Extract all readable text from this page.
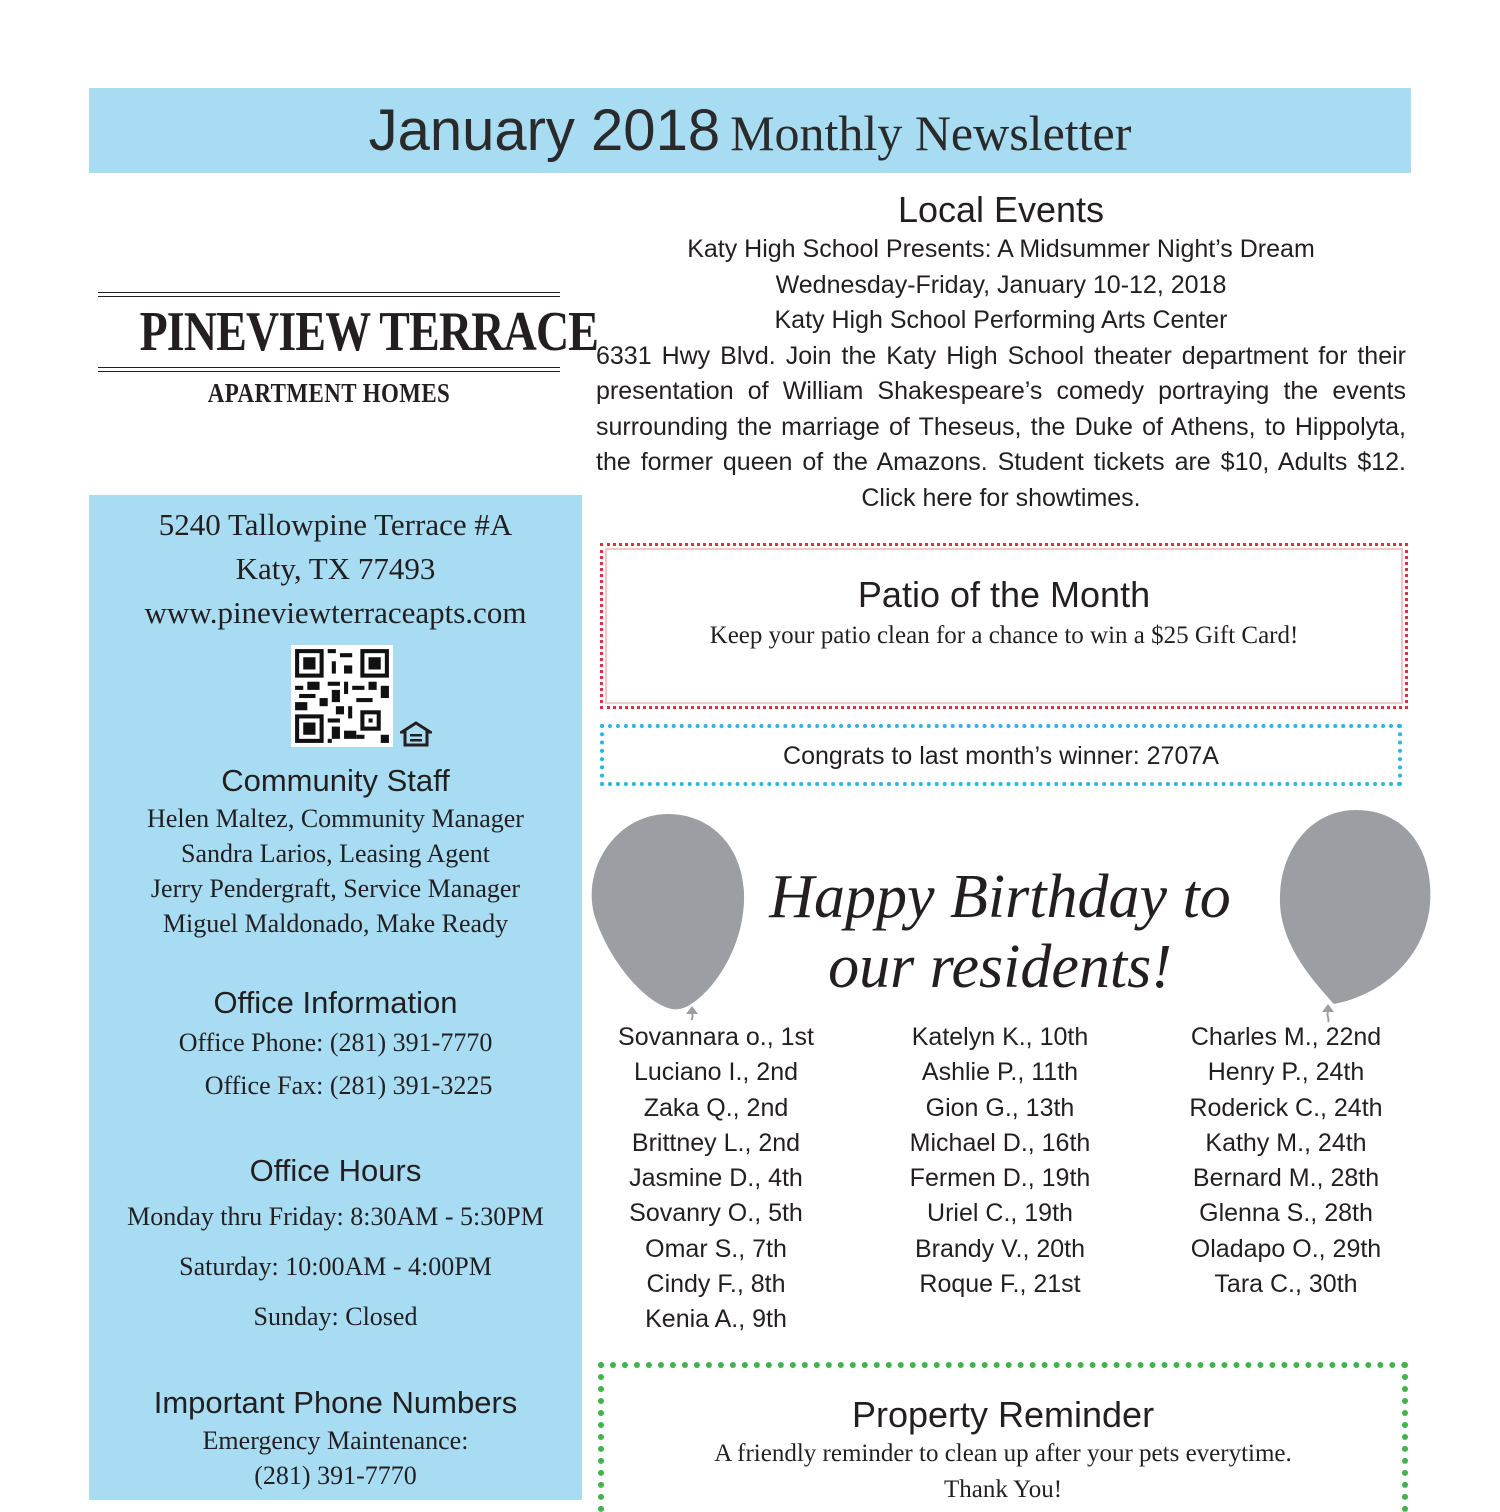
January 2018 Monthly Newsletter
PINEVIEW TERRACE
APARTMENT HOMES
5240 Tallowpine Terrace #A
Katy, TX 77493
www.pineviewterraceapts.com
Community Staff
Helen Maltez, Community Manager
Sandra Larios, Leasing Agent
Jerry Pendergraft, Service Manager
Miguel Maldonado, Make Ready
Office Information
Office Phone: (281) 391-7770
Office Fax: (281) 391-3225
Office Hours
Monday thru Friday: 8:30AM - 5:30PM
Saturday: 10:00AM - 4:00PM
Sunday: Closed
Important Phone Numbers
Emergency Maintenance:
(281) 391-7770
Local Events
Katy High School Presents: A Midsummer Night’s Dream
Wednesday-Friday, January 10-12, 2018
Katy High School Performing Arts Center
6331 Hwy Blvd. Join the Katy High School theater department for their presentation of William Shakespeare’s comedy portraying the events surrounding the marriage of Theseus, the Duke of Athens, to Hippolyta, the former queen of the Amazons. Student tickets are $10, Adults $12. Click here for showtimes.
Patio of the Month
Keep your patio clean for a chance to win a $25 Gift Card!
Congrats to last month’s winner: 2707A
Happy Birthday to
our residents!
Sovannara o., 1st
Luciano I., 2nd
Zaka Q., 2nd
Brittney L., 2nd
Jasmine D., 4th
Sovanry O., 5th
Omar S., 7th
Cindy F., 8th
Kenia A., 9th
Katelyn K., 10th
Ashlie P., 11th
Gion G., 13th
Michael D., 16th
Fermen D., 19th
Uriel C., 19th
Brandy V., 20th
Roque F., 21st
Charles M., 22nd
Henry P., 24th
Roderick C., 24th
Kathy M., 24th
Bernard M., 28th
Glenna S., 28th
Oladapo O., 29th
Tara C., 30th
Property Reminder
A friendly reminder to clean up after your pets everytime.
Thank You!
